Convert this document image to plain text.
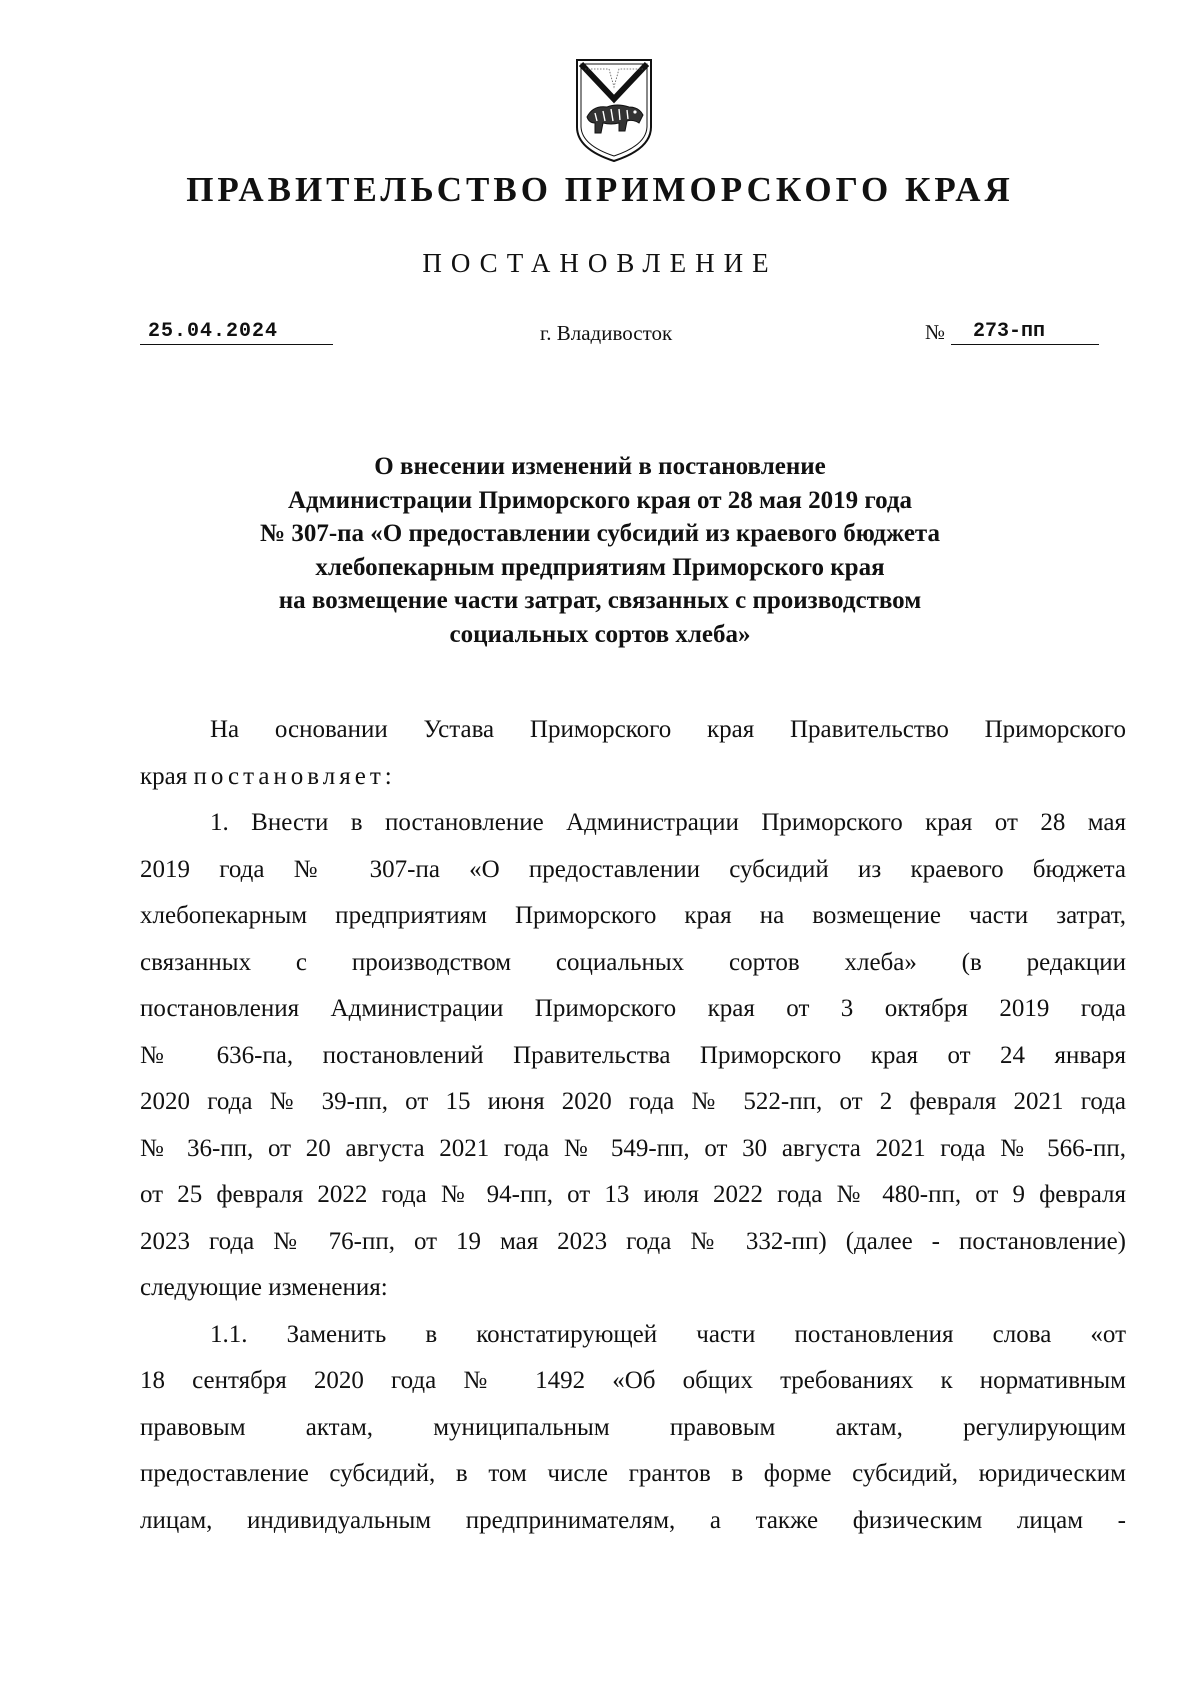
ПРАВИТЕЛЬСТВО ПРИМОРСКОГО КРАЯ
ПОСТАНОВЛЕНИЕ
25.04.2024	г. Владивосток	№	273-пп
О внесении изменений в постановление
Администрации Приморского края от 28 мая 2019 года
№ 307-па «О предоставлении субсидий из краевого бюджета
хлебопекарным предприятиям Приморского края
на возмещение части затрат, связанных с производством
социальных сортов хлеба»
На основании Устава Приморского края Правительство Приморского
края постановляет:
1. Внести в постановление Администрации Приморского края от 28 мая
2019 года № 307-па «О предоставлении субсидий из краевого бюджета
хлебопекарным предприятиям Приморского края на возмещение части затрат,
связанных с производством социальных сортов хлеба» (в редакции
постановления Администрации Приморского края от 3 октября 2019 года
№ 636-па, постановлений Правительства Приморского края от 24 января
2020 года № 39-пп, от 15 июня 2020 года № 522-пп, от 2 февраля 2021 года
№ 36-пп, от 20 августа 2021 года № 549-пп, от 30 августа 2021 года № 566-пп,
от 25 февраля 2022 года № 94-пп, от 13 июля 2022 года № 480-пп, от 9 февраля
2023 года № 76-пп, от 19 мая 2023 года № 332-пп) (далее - постановление)
следующие изменения:
1.1. Заменить в констатирующей части постановления слова «от
18 сентября 2020 года № 1492 «Об общих требованиях к нормативным
правовым актам, муниципальным правовым актам, регулирующим
предоставление субсидий, в том числе грантов в форме субсидий, юридическим
лицам, индивидуальным предпринимателям, а также физическим лицам -
